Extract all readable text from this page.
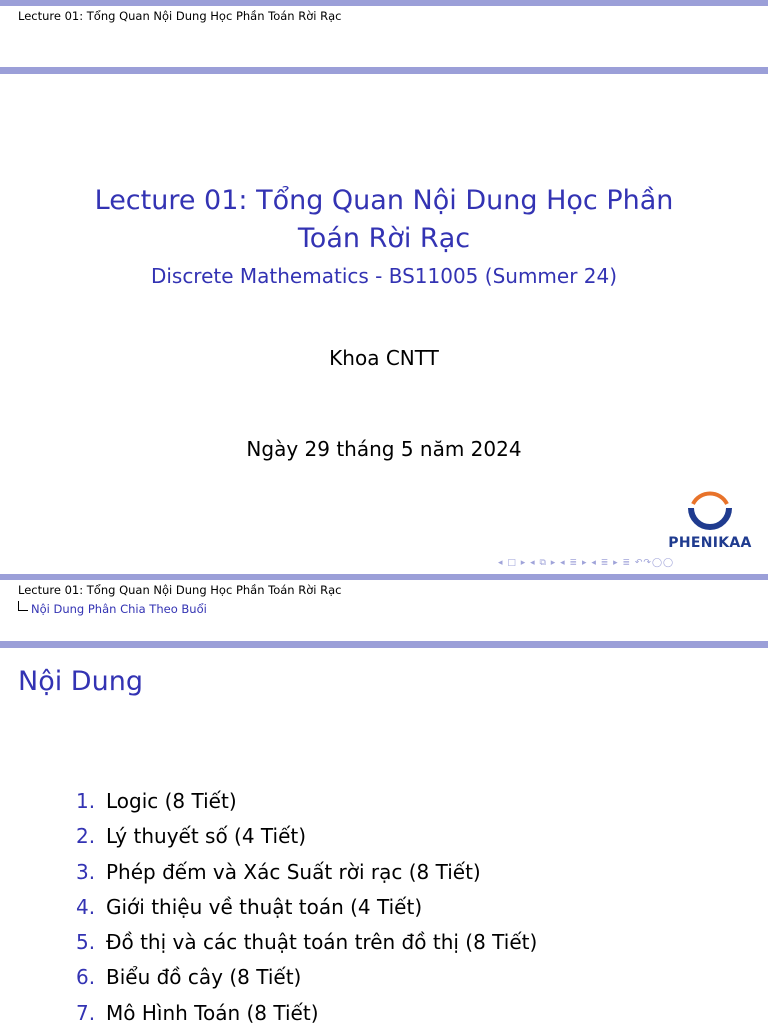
Lecture 01: Tổng Quan Nội Dung Học Phần Toán Rời Rạc
Lecture 01: Tổng Quan Nội Dung Học Phần
Toán Rời Rạc
Discrete Mathematics - BS11005 (Summer 24)
Khoa CNTT
Ngày 29 tháng 5 năm 2024
PHENIKAA
◂ □ ▸ ◂ ⧉ ▸ ◂ ≣ ▸ ◂ ≣ ▸ ≣ ↶↷◯◯
Lecture 01: Tổng Quan Nội Dung Học Phần Toán Rời Rạc
Nội Dung Phân Chia Theo Buổi
Nội Dung
1. Logic (8 Tiết)
2. Lý thuyết số (4 Tiết)
3. Phép đếm và Xác Suất rời rạc (8 Tiết)
4. Giới thiệu về thuật toán (4 Tiết)
5. Đồ thị và các thuật toán trên đồ thị (8 Tiết)
6. Biểu đồ cây (8 Tiết)
7. Mô Hình Toán (8 Tiết)
